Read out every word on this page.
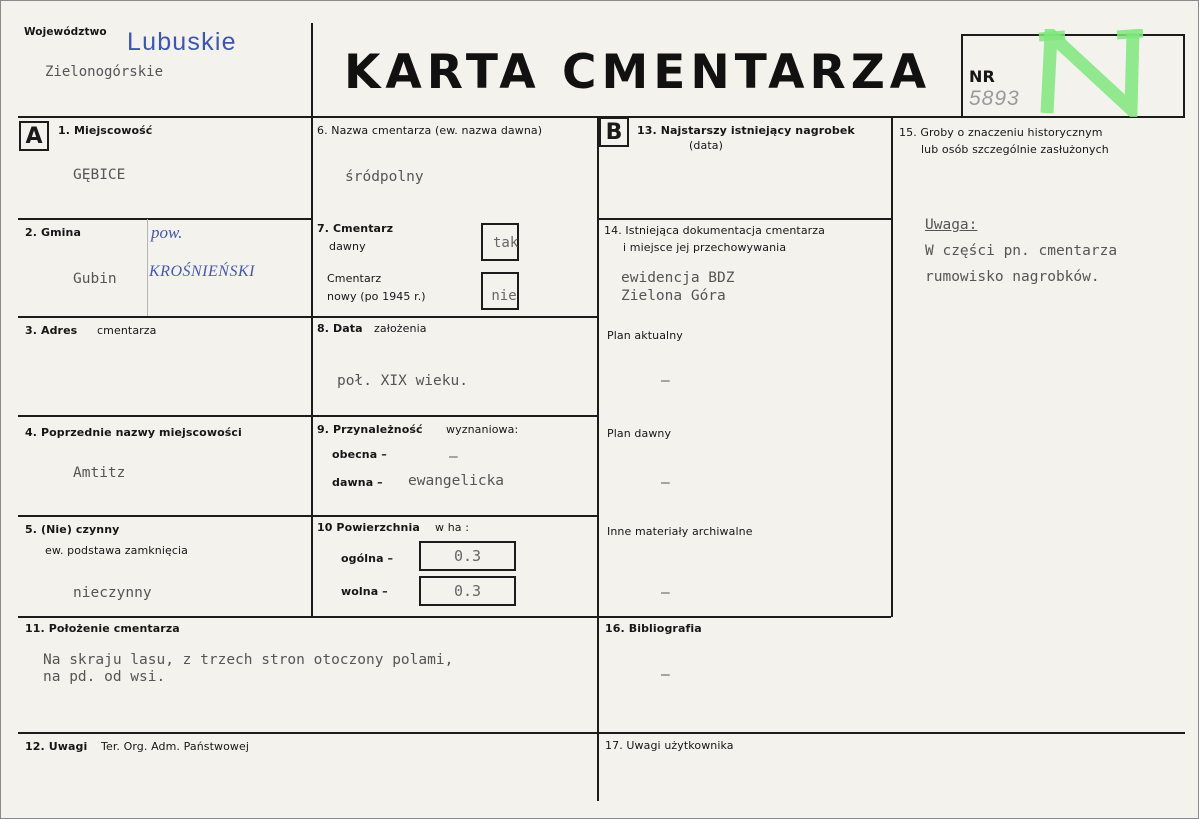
Województwo Lubuskie
Zielonogórskie	KARTA CMENTARZA NR
5893
A	B
1. Miejscowość
GĘBICE
2. Gmina
Gubin
pow.
KROŚNIEŃSKI
3. Adres cmentarza
4. Poprzednie nazwy miejscowości
Amtitz
5. (Nie) czynny
ew. podstawa zamknięcia
nieczynny
6. Nazwa cmentarza (ew. nazwa dawna)
śródpolny
7. Cmentarz
dawny	tak
Cmentarz
nowy (po 1945 r.)	nie
8. Data założenia
poł. XIX wieku.
9. Przynależność wyznaniowa:
obecna –	–
dawna – ewangelicka
10 Powierzchnia w ha :
ogólna –	0.3
wolna –	0.3
11. Położenie cmentarza
Na skraju lasu, z trzech stron otoczony polami,
na pd. od wsi.
12. Uwagi Ter. Org. Adm. Państwowej
13. Najstarszy istniejący nagrobek
(data)
14. Istniejąca dokumentacja cmentarza
i miejsce jej przechowywania
ewidencja BDZ
Zielona Góra
Plan aktualny
–
Plan dawny
–
Inne materiały archiwalne
–
15. Groby o znaczeniu historycznym
lub osób szczególnie zasłużonych
Uwaga:
W części pn. cmentarza
rumowisko nagrobków.
16. Bibliografia
–
17. Uwagi użytkownika
